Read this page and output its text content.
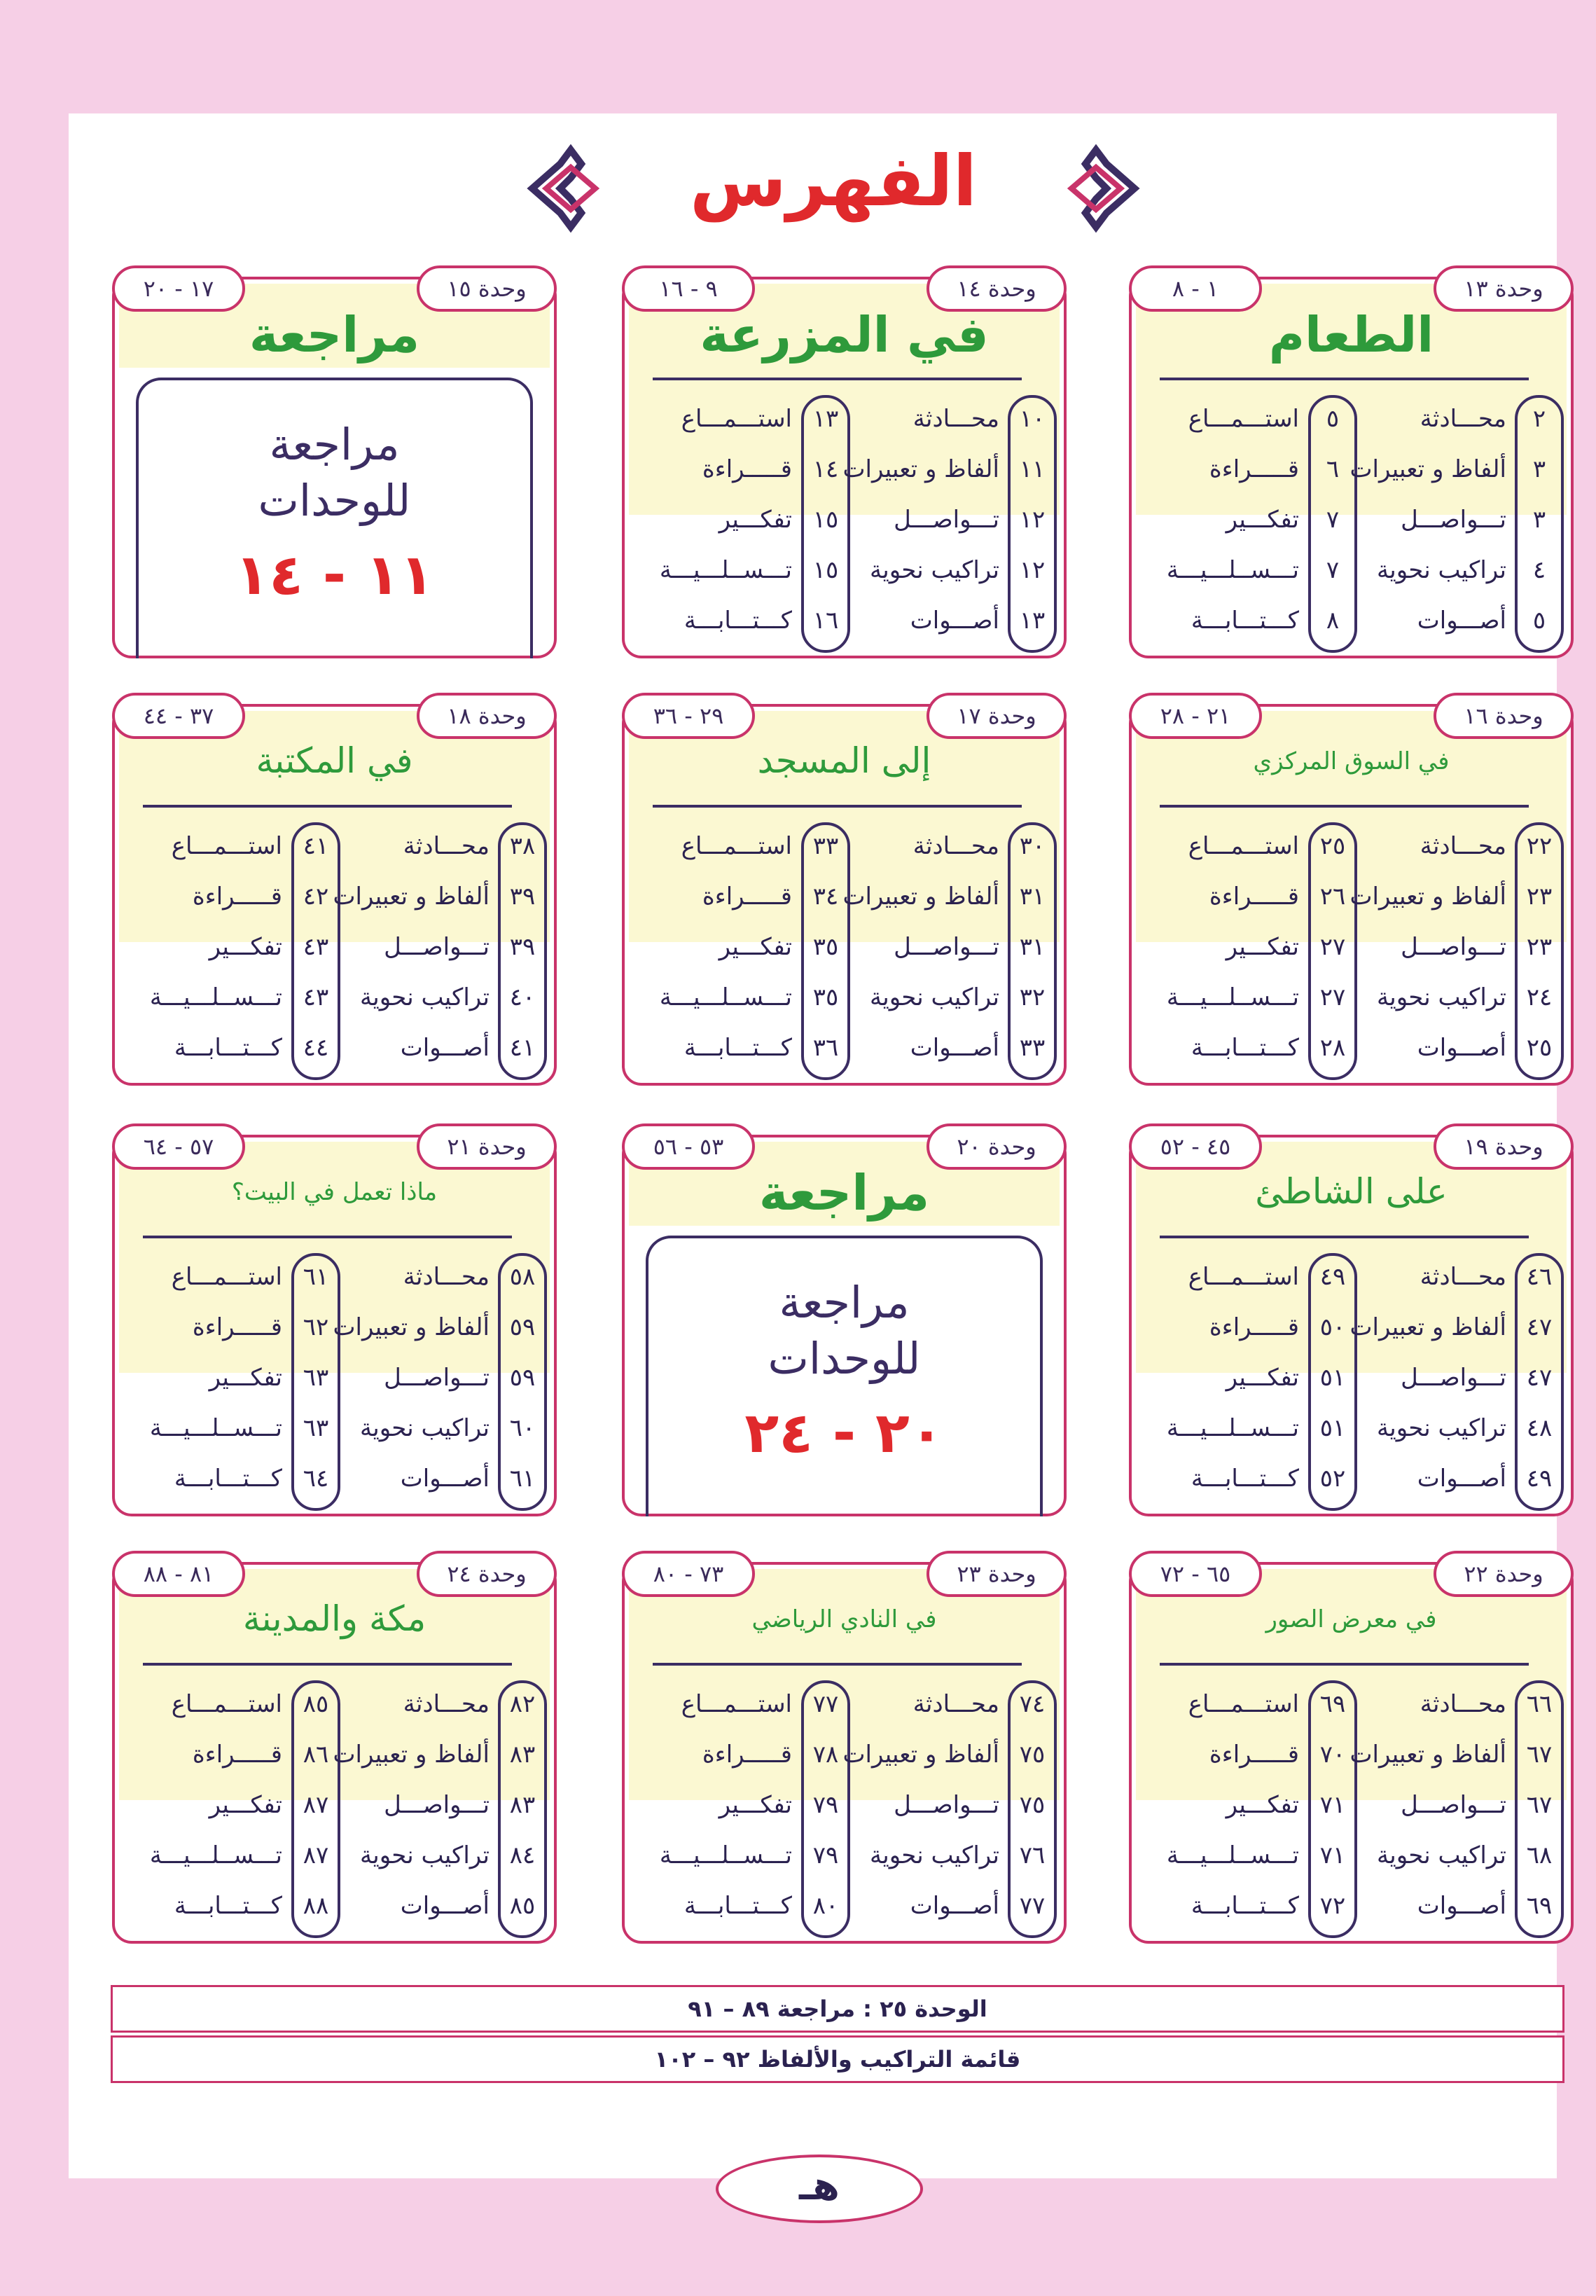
الفهرس
وحدة ١٣
١ - ٨
الطعام
٢
محـــادثة
٥
استـــمـــاع
٣
ألفاظ و تعبيرات
٦
قـــــراءة
٣
تـــواصـــل
٧
تفكـــير
٤
تراكيب نحوية
٧
تـــســلـــيـــة
٥
أصـــوات
٨
كـــتـــابـــة
وحدة ١٤
٩ - ١٦
في المزرعة
١٠
محـــادثة
١٣
استـــمـــاع
١١
ألفاظ و تعبيرات
١٤
قـــــراءة
١٢
تـــواصـــل
١٥
تفكـــير
١٢
تراكيب نحوية
١٥
تـــســلـــيـــة
١٣
أصـــوات
١٦
كـــتـــابـــة
وحدة ١٥
١٧ - ٢٠
مراجعة
مراجعة
للوحدات
١١ - ١٤
وحدة ١٦
٢١ - ٢٨
في السوق المركزي
٢٢
محـــادثة
٢٥
استـــمـــاع
٢٣
ألفاظ و تعبيرات
٢٦
قـــــراءة
٢٣
تـــواصـــل
٢٧
تفكـــير
٢٤
تراكيب نحوية
٢٧
تـــســلـــيـــة
٢٥
أصـــوات
٢٨
كـــتـــابـــة
وحدة ١٧
٢٩ - ٣٦
إلى المسجد
٣٠
محـــادثة
٣٣
استـــمـــاع
٣١
ألفاظ و تعبيرات
٣٤
قـــــراءة
٣١
تـــواصـــل
٣٥
تفكـــير
٣٢
تراكيب نحوية
٣٥
تـــســلـــيـــة
٣٣
أصـــوات
٣٦
كـــتـــابـــة
وحدة ١٨
٣٧ - ٤٤
في المكتبة
٣٨
محـــادثة
٤١
استـــمـــاع
٣٩
ألفاظ و تعبيرات
٤٢
قـــــراءة
٣٩
تـــواصـــل
٤٣
تفكـــير
٤٠
تراكيب نحوية
٤٣
تـــســلـــيـــة
٤١
أصـــوات
٤٤
كـــتـــابـــة
وحدة ١٩
٤٥ - ٥٢
على الشاطئ
٤٦
محـــادثة
٤٩
استـــمـــاع
٤٧
ألفاظ و تعبيرات
٥٠
قـــــراءة
٤٧
تـــواصـــل
٥١
تفكـــير
٤٨
تراكيب نحوية
٥١
تـــســلـــيـــة
٤٩
أصـــوات
٥٢
كـــتـــابـــة
وحدة ٢٠
٥٣ - ٥٦
مراجعة
مراجعة
للوحدات
٢٠ - ٢٤
وحدة ٢١
٥٧ - ٦٤
ماذا تعمل في البيت؟
٥٨
محـــادثة
٦١
استـــمـــاع
٥٩
ألفاظ و تعبيرات
٦٢
قـــــراءة
٥٩
تـــواصـــل
٦٣
تفكـــير
٦٠
تراكيب نحوية
٦٣
تـــســلـــيـــة
٦١
أصـــوات
٦٤
كـــتـــابـــة
وحدة ٢٢
٦٥ - ٧٢
في معرض الصور
٦٦
محـــادثة
٦٩
استـــمـــاع
٦٧
ألفاظ و تعبيرات
٧٠
قـــــراءة
٦٧
تـــواصـــل
٧١
تفكـــير
٦٨
تراكيب نحوية
٧١
تـــســلـــيـــة
٦٩
أصـــوات
٧٢
كـــتـــابـــة
وحدة ٢٣
٧٣ - ٨٠
في النادي الرياضي
٧٤
محـــادثة
٧٧
استـــمـــاع
٧٥
ألفاظ و تعبيرات
٧٨
قـــــراءة
٧٥
تـــواصـــل
٧٩
تفكـــير
٧٦
تراكيب نحوية
٧٩
تـــســلـــيـــة
٧٧
أصـــوات
٨٠
كـــتـــابـــة
وحدة ٢٤
٨١ - ٨٨
مكة والمدينة
٨٢
محـــادثة
٨٥
استـــمـــاع
٨٣
ألفاظ و تعبيرات
٨٦
قـــــراءة
٨٣
تـــواصـــل
٨٧
تفكـــير
٨٤
تراكيب نحوية
٨٧
تـــســلـــيـــة
٨٥
أصـــوات
٨٨
كـــتـــابـــة
الوحدة ٢٥ : مراجعة ٨٩ – ٩١
قائمة التراكيب والألفاظ ٩٢ – ١٠٢
هـ
